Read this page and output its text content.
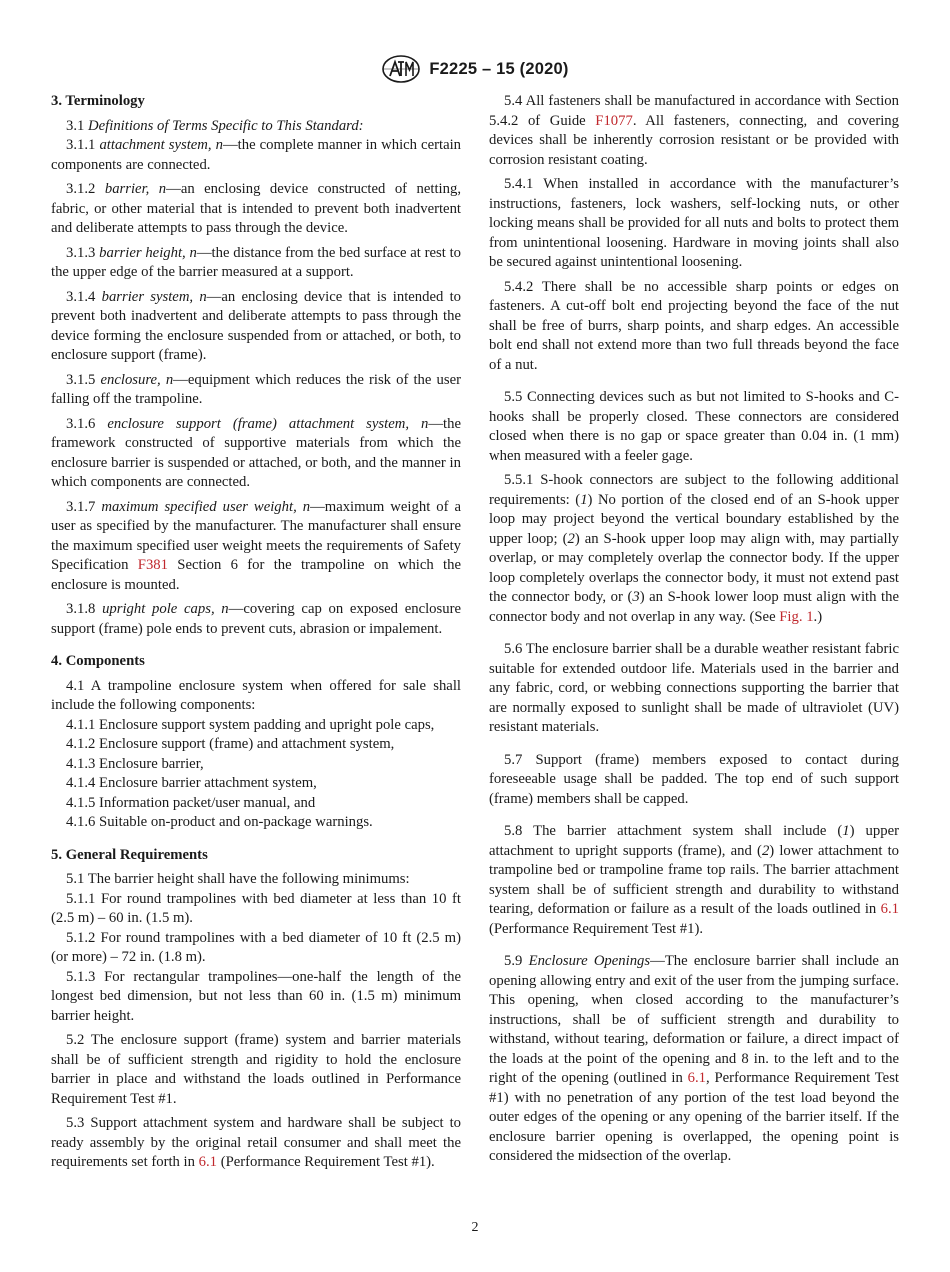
F2225 – 15 (2020)
3. Terminology

3.1 Definitions of Terms Specific to This Standard:

3.1.1 attachment system, n—the complete manner in which certain components are connected.

3.1.2 barrier, n—an enclosing device constructed of netting, fabric, or other material that is intended to prevent both inadvertent and deliberate attempts to pass through the device.

3.1.3 barrier height, n—the distance from the bed surface at rest to the upper edge of the barrier measured at a support.

3.1.4 barrier system, n—an enclosing device that is intended to prevent both inadvertent and deliberate attempts to pass through the device forming the enclosure suspended from or attached, or both, to enclosure support (frame).

3.1.5 enclosure, n—equipment which reduces the risk of the user falling off the trampoline.

3.1.6 enclosure support (frame) attachment system, n—the framework constructed of supportive materials from which the enclosure barrier is suspended or attached, or both, and the manner in which components are connected.

3.1.7 maximum specified user weight, n—maximum weight of a user as specified by the manufacturer. The manufacturer shall ensure the maximum specified user weight meets the requirements of Safety Specification F381 Section 6 for the trampoline on which the enclosure is mounted.

3.1.8 upright pole caps, n—covering cap on exposed enclosure support (frame) pole ends to prevent cuts, abrasion or impalement.

4. Components

4.1 A trampoline enclosure system when offered for sale shall include the following components:

4.1.1 Enclosure support system padding and upright pole caps,

4.1.2 Enclosure support (frame) and attachment system,

4.1.3 Enclosure barrier,

4.1.4 Enclosure barrier attachment system,

4.1.5 Information packet/user manual, and

4.1.6 Suitable on-product and on-package warnings.

5. General Requirements

5.1 The barrier height shall have the following minimums:

5.1.1 For round trampolines with bed diameter at less than 10 ft (2.5 m) – 60 in. (1.5 m).

5.1.2 For round trampolines with a bed diameter of 10 ft (2.5 m) (or more) – 72 in. (1.8 m).

5.1.3 For rectangular trampolines—one-half the length of the longest bed dimension, but not less than 60 in. (1.5 m) minimum barrier height.

5.2 The enclosure support (frame) system and barrier materials shall be of sufficient strength and rigidity to hold the enclosure barrier in place and withstand the loads outlined in Performance Requirement Test #1.

5.3 Support attachment system and hardware shall be subject to ready assembly by the original retail consumer and shall meet the requirements set forth in 6.1 (Performance Requirement Test #1).

5.4 All fasteners shall be manufactured in accordance with Section 5.4.2 of Guide F1077. All fasteners, connecting, and covering devices shall be inherently corrosion resistant or be provided with corrosion resistant coating.

5.4.1 When installed in accordance with the manufacturer’s instructions, fasteners, lock washers, self-locking nuts, or other locking means shall be provided for all nuts and bolts to protect them from unintentional loosening. Hardware in moving joints shall also be secured against unintentional loosening.

5.4.2 There shall be no accessible sharp points or edges on fasteners. A cut-off bolt end projecting beyond the face of the nut shall be free of burrs, sharp points, and sharp edges. An accessible bolt end shall not extend more than two full threads beyond the face of a nut.

5.5 Connecting devices such as but not limited to S-hooks and C-hooks shall be properly closed. These connectors are considered closed when there is no gap or space greater than 0.04 in. (1 mm) when measured with a feeler gage.

5.5.1 S-hook connectors are subject to the following additional requirements: (1) No portion of the closed end of an S-hook upper loop may project beyond the vertical boundary established by the upper loop; (2) an S-hook upper loop may align with, may partially overlap, or may completely overlap the connector body. If the upper loop completely overlaps the connector body, it must not extend past the connector body, or (3) an S-hook lower loop must align with the connector body and not overlap in any way. (See Fig. 1.)

5.6 The enclosure barrier shall be a durable weather resistant fabric suitable for extended outdoor life. Materials used in the barrier and any fabric, cord, or webbing connections supporting the barrier that are normally exposed to sunlight shall be made of ultraviolet (UV) resistant materials.

5.7 Support (frame) members exposed to contact during foreseeable usage shall be padded. The top end of such support (frame) members shall be capped.

5.8 The barrier attachment system shall include (1) upper attachment to upright supports (frame), and (2) lower attachment to trampoline bed or trampoline frame top rails. The barrier attachment system shall be of sufficient strength and durability to withstand tearing, deformation or failure as a result of the loads outlined in 6.1 (Performance Requirement Test #1).

5.9 Enclosure Openings—The enclosure barrier shall include an opening allowing entry and exit of the user from the jumping surface. This opening, when closed according to the manufacturer’s instructions, shall be of sufficient strength and durability to withstand, without tearing, deformation or failure, a direct impact of the loads at the point of the opening and 8 in. to the left and to the right of the opening (outlined in 6.1, Performance Requirement Test #1) with no penetration of any portion of the test load beyond the outer edges of the opening or any opening of the barrier itself. If the enclosure barrier opening is overlapped, the opening point is considered the midsection of the overlap.

2
